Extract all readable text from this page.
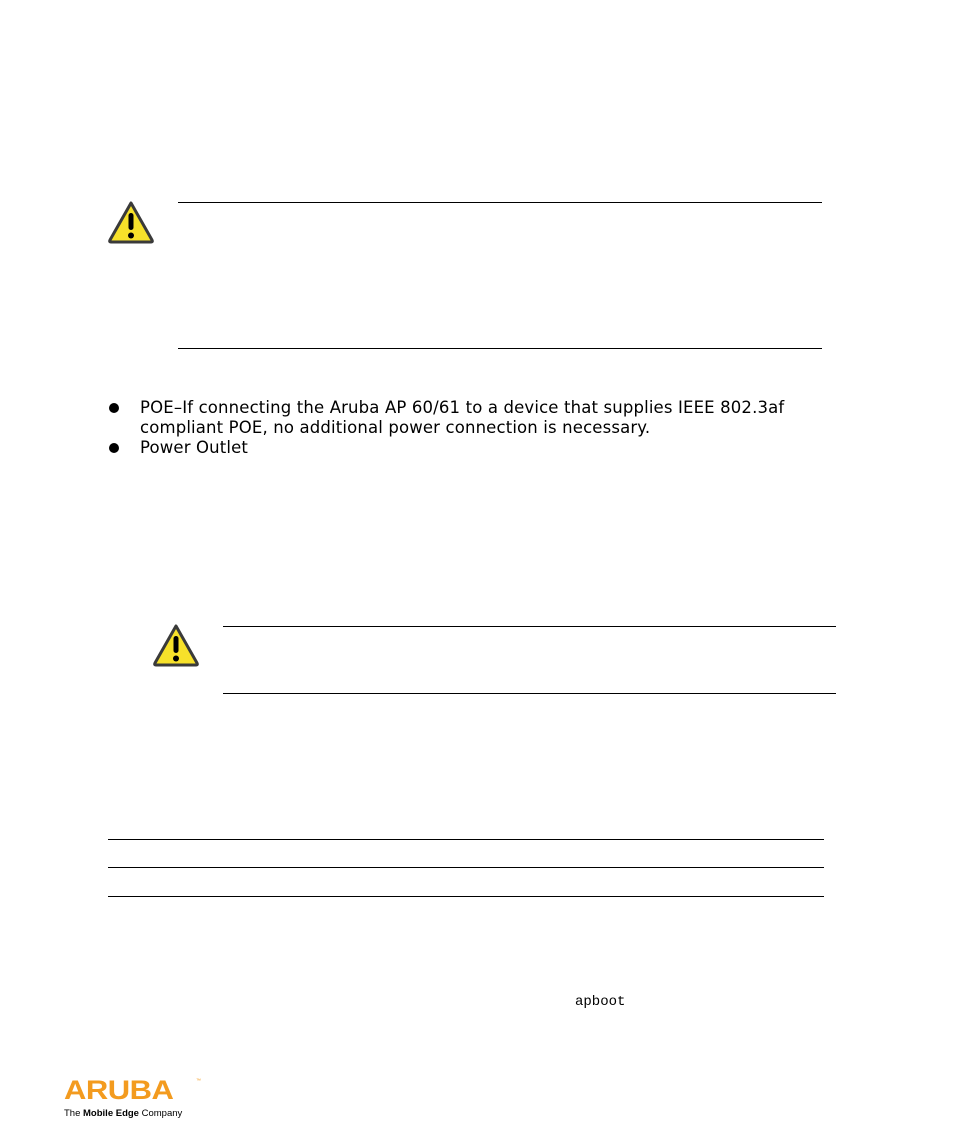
POE–If connecting the Aruba AP 60/61 to a device that supplies IEEE 802.3af compliant POE, no additional power connection is necessary.
Power Outlet
apboot
ARUBA	™
The Mobile Edge Company
